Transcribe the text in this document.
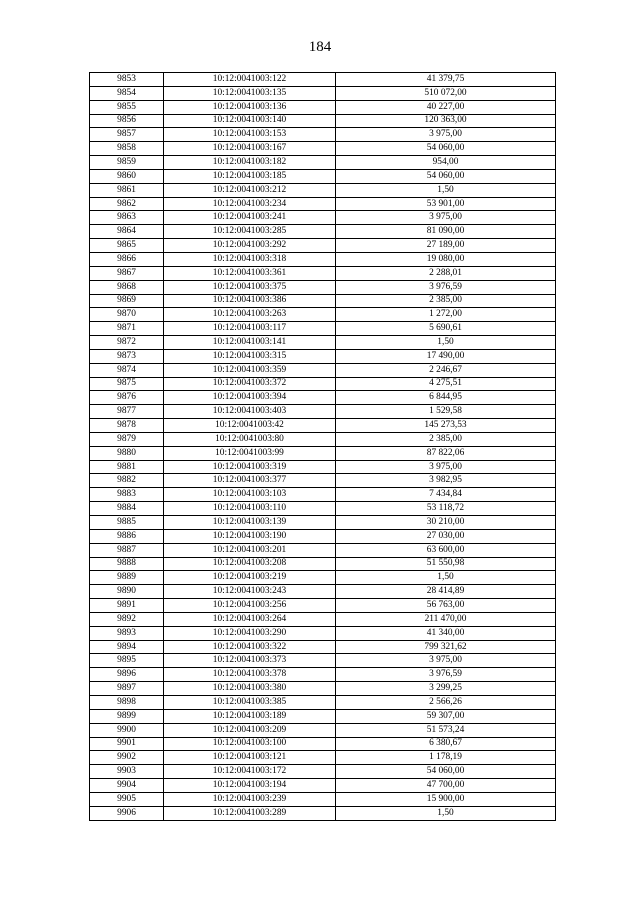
184
9853	10:12:0041003:122	41 379,75
9854	10:12:0041003:135	510 072,00
9855	10:12:0041003:136	40 227,00
9856	10:12:0041003:140	120 363,00
9857	10:12:0041003:153	3 975,00
9858	10:12:0041003:167	54 060,00
9859	10:12:0041003:182	954,00
9860	10:12:0041003:185	54 060,00
9861	10:12:0041003:212	1,50
9862	10:12:0041003:234	53 901,00
9863	10:12:0041003:241	3 975,00
9864	10:12:0041003:285	81 090,00
9865	10:12:0041003:292	27 189,00
9866	10:12:0041003:318	19 080,00
9867	10:12:0041003:361	2 288,01
9868	10:12:0041003:375	3 976,59
9869	10:12:0041003:386	2 385,00
9870	10:12:0041003:263	1 272,00
9871	10:12:0041003:117	5 690,61
9872	10:12:0041003:141	1,50
9873	10:12:0041003:315	17 490,00
9874	10:12:0041003:359	2 246,67
9875	10:12:0041003:372	4 275,51
9876	10:12:0041003:394	6 844,95
9877	10:12:0041003:403	1 529,58
9878	10:12:0041003:42	145 273,53
9879	10:12:0041003:80	2 385,00
9880	10:12:0041003:99	87 822,06
9881	10:12:0041003:319	3 975,00
9882	10:12:0041003:377	3 982,95
9883	10:12:0041003:103	7 434,84
9884	10:12:0041003:110	53 118,72
9885	10:12:0041003:139	30 210,00
9886	10:12:0041003:190	27 030,00
9887	10:12:0041003:201	63 600,00
9888	10:12:0041003:208	51 550,98
9889	10:12:0041003:219	1,50
9890	10:12:0041003:243	28 414,89
9891	10:12:0041003:256	56 763,00
9892	10:12:0041003:264	211 470,00
9893	10:12:0041003:290	41 340,00
9894	10:12:0041003:322	799 321,62
9895	10:12:0041003:373	3 975,00
9896	10:12:0041003:378	3 976,59
9897	10:12:0041003:380	3 299,25
9898	10:12:0041003:385	2 566,26
9899	10:12:0041003:189	59 307,00
9900	10:12:0041003:209	51 573,24
9901	10:12:0041003:100	6 380,67
9902	10:12:0041003:121	1 178,19
9903	10:12:0041003:172	54 060,00
9904	10:12:0041003:194	47 700,00
9905	10:12:0041003:239	15 900,00
9906	10:12:0041003:289	1,50
